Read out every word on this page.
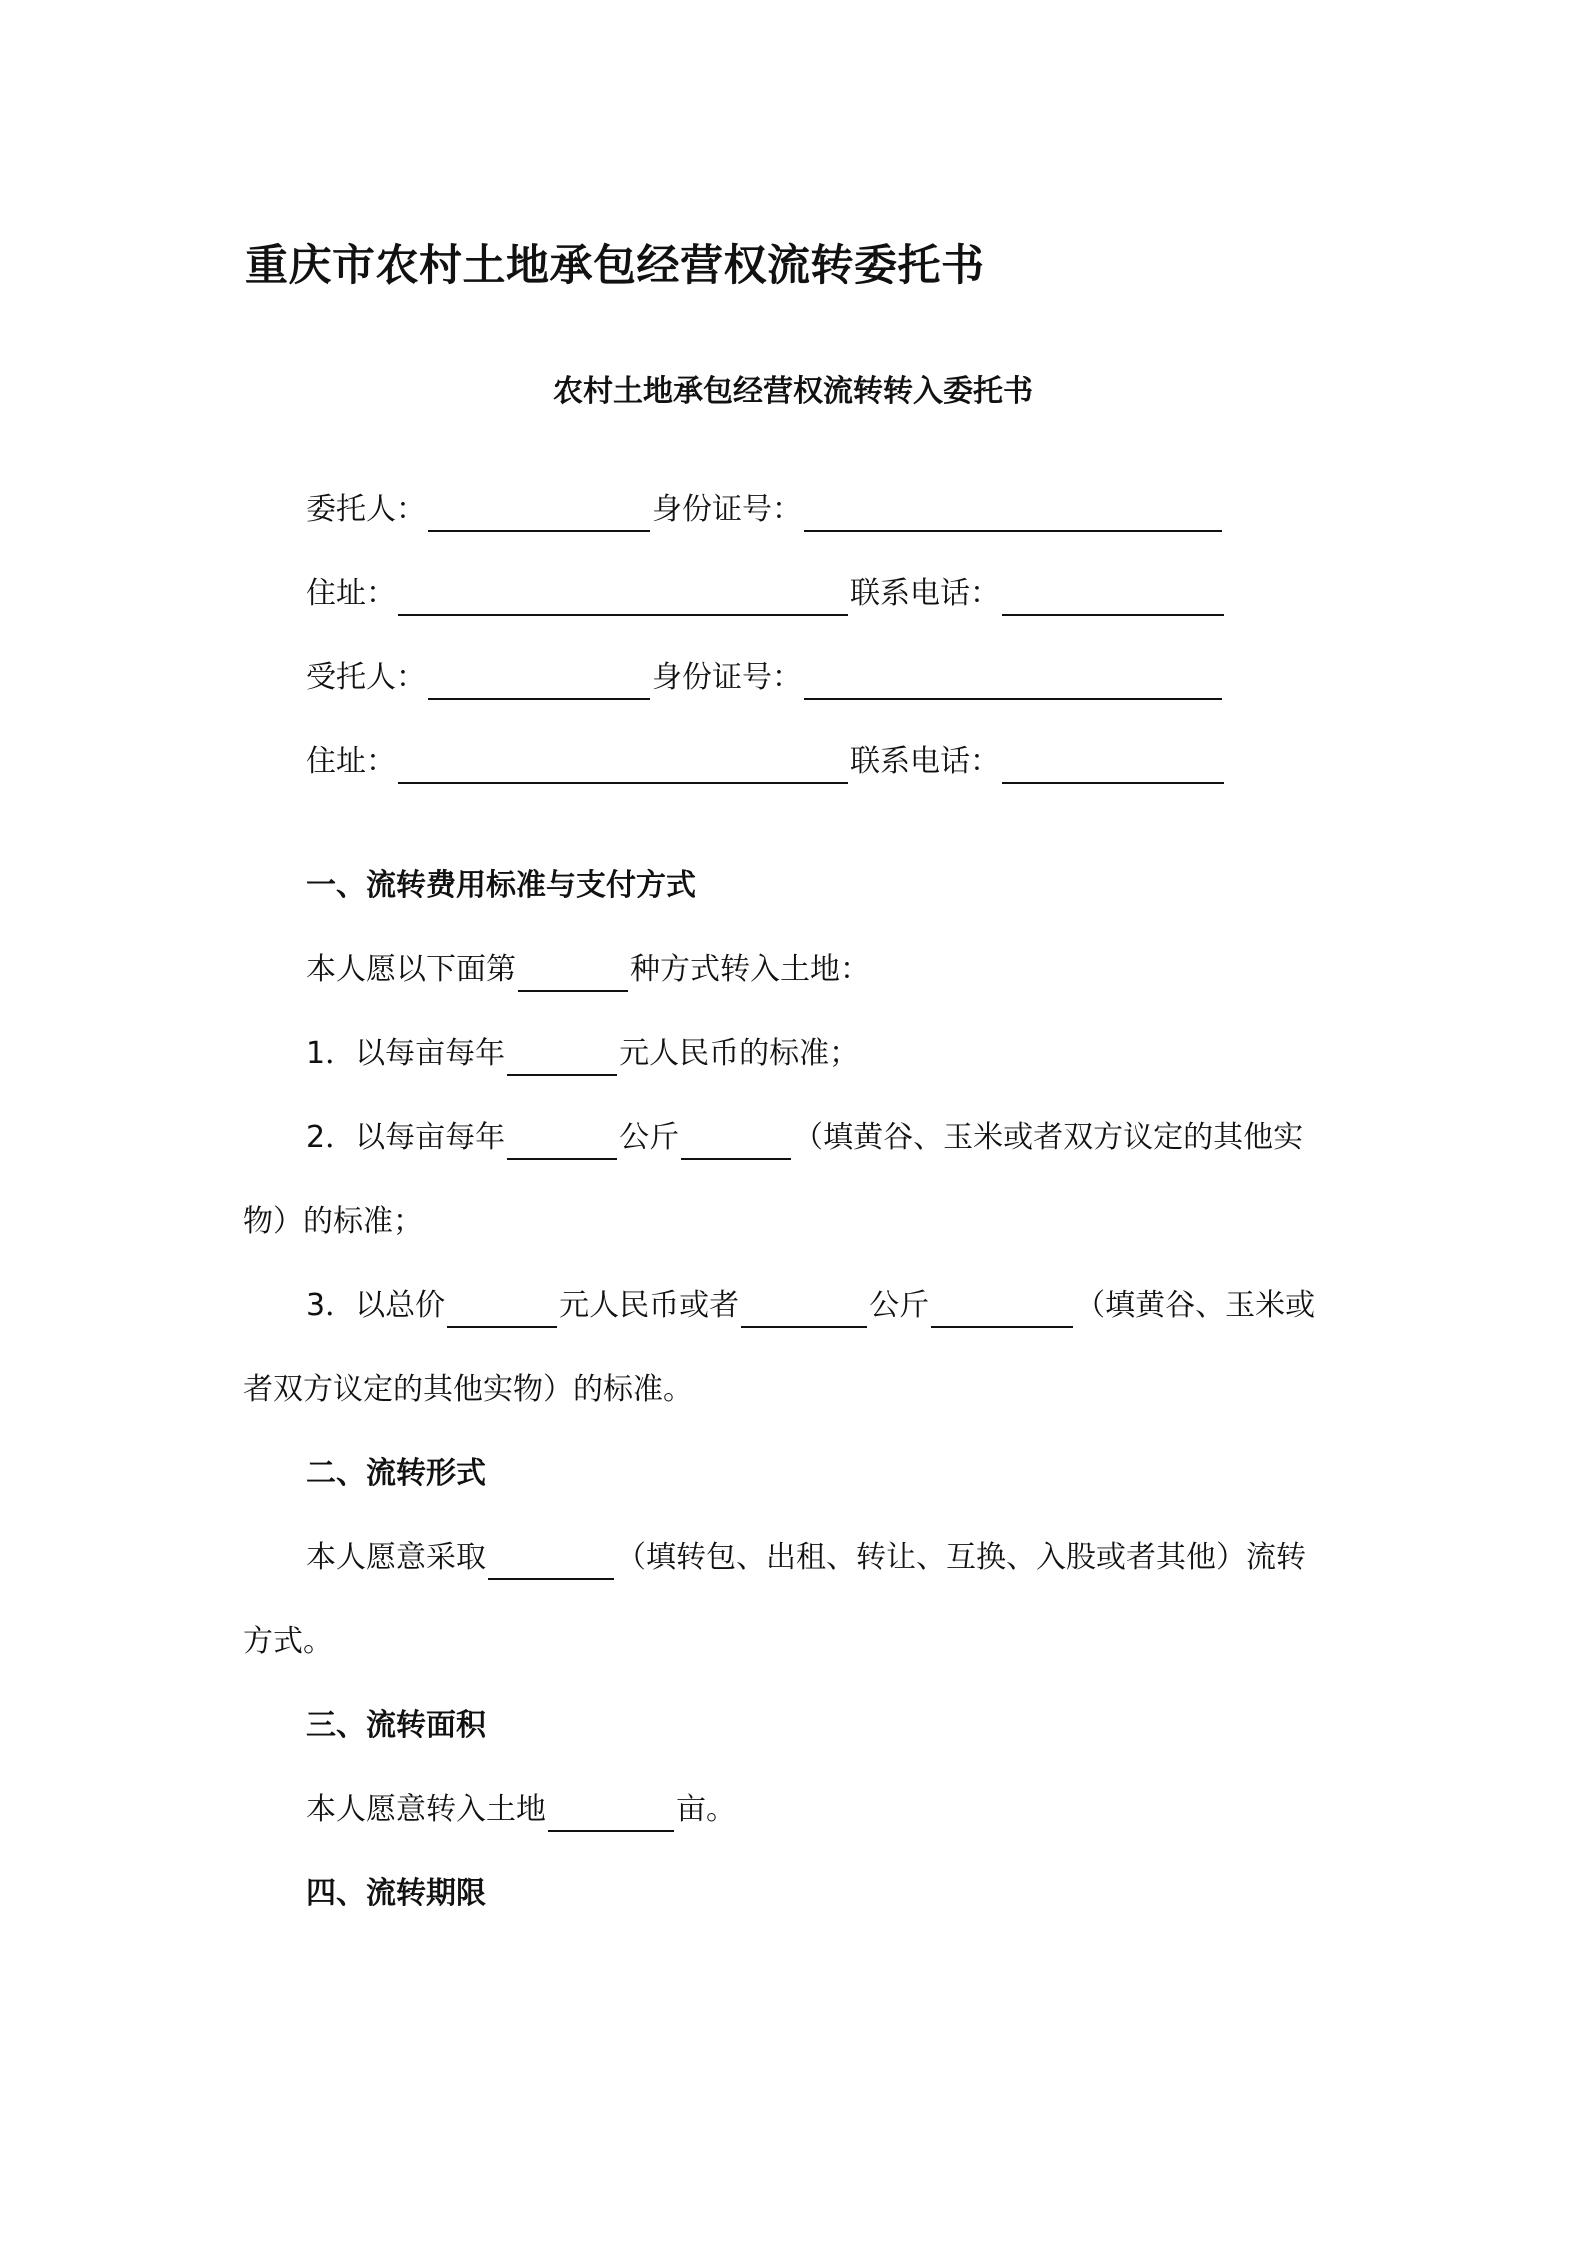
重庆市农村土地承包经营权流转委托书
农村土地承包经营权流转转入委托书
委托人：	身份证号：
住址：	联系电话：
受托人：	身份证号：
住址：	联系电话：
一、流转费用标准与支付方式
本人愿以下面第	种方式转入土地：
1．以每亩每年	元人民币的标准；
2．以每亩每年	公斤	（填黄谷、玉米或者双方议定的其他实
物）的标准；
3．以总价	元人民币或者	公斤	（填黄谷、玉米或
者双方议定的其他实物）的标准。
二、流转形式
本人愿意采取	（填转包、出租、转让、互换、入股或者其他）流转
方式。
三、流转面积
本人愿意转入土地	亩。
四、流转期限
